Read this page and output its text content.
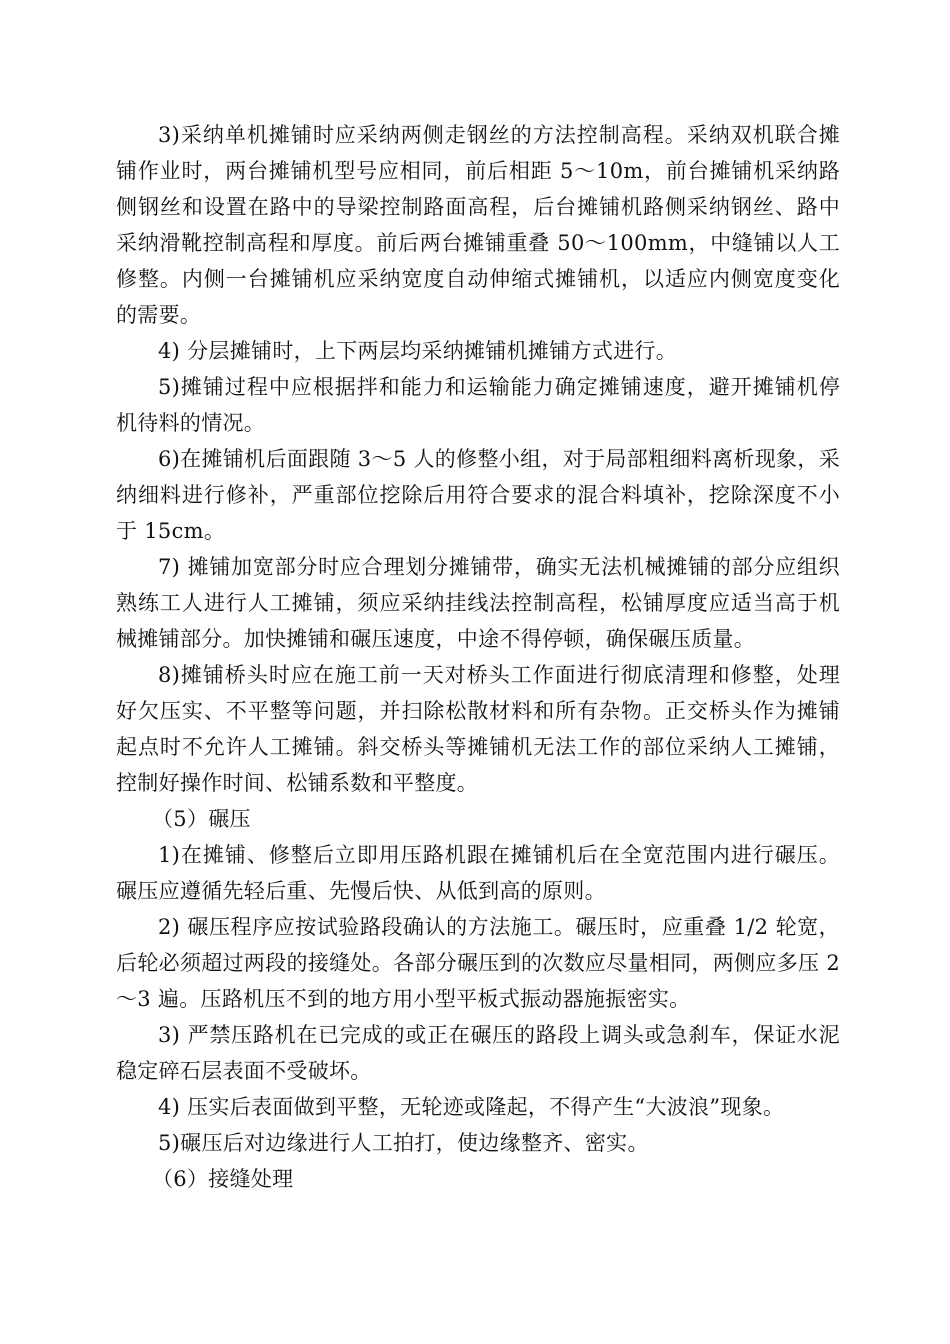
3)采纳单机摊铺时应采纳两侧走钢丝的方法控制高程。采纳双机联合摊铺作业时，两台摊铺机型号应相同，前后相距 5～10m，前台摊铺机采纳路侧钢丝和设置在路中的导梁控制路面高程，后台摊铺机路侧采纳钢丝、路中采纳滑靴控制高程和厚度。前后两台摊铺重叠 50～100mm，中缝铺以人工修整。内侧一台摊铺机应采纳宽度自动伸缩式摊铺机，以适应内侧宽度变化的需要。

4) 分层摊铺时，上下两层均采纳摊铺机摊铺方式进行。

5)摊铺过程中应根据拌和能力和运输能力确定摊铺速度，避开摊铺机停机待料的情况。

6)在摊铺机后面跟随 3～5 人的修整小组，对于局部粗细料离析现象，采纳细料进行修补，严重部位挖除后用符合要求的混合料填补，挖除深度不小于 15cm。

7) 摊铺加宽部分时应合理划分摊铺带，确实无法机械摊铺的部分应组织熟练工人进行人工摊铺，须应采纳挂线法控制高程，松铺厚度应适当高于机械摊铺部分。加快摊铺和碾压速度，中途不得停顿，确保碾压质量。

8)摊铺桥头时应在施工前一天对桥头工作面进行彻底清理和修整，处理好欠压实、不平整等问题，并扫除松散材料和所有杂物。正交桥头作为摊铺起点时不允许人工摊铺。斜交桥头等摊铺机无法工作的部位采纳人工摊铺，控制好操作时间、松铺系数和平整度。

（5）碾压

1)在摊铺、修整后立即用压路机跟在摊铺机后在全宽范围内进行碾压。碾压应遵循先轻后重、先慢后快、从低到高的原则。

2) 碾压程序应按试验路段确认的方法施工。碾压时，应重叠 1/2 轮宽，后轮必须超过两段的接缝处。各部分碾压到的次数应尽量相同，两侧应多压 2～3 遍。压路机压不到的地方用小型平板式振动器施振密实。

3) 严禁压路机在已完成的或正在碾压的路段上调头或急刹车，保证水泥稳定碎石层表面不受破坏。

4) 压实后表面做到平整，无轮迹或隆起，不得产生“大波浪”现象。

5)碾压后对边缘进行人工拍打，使边缘整齐、密实。

（6）接缝处理
